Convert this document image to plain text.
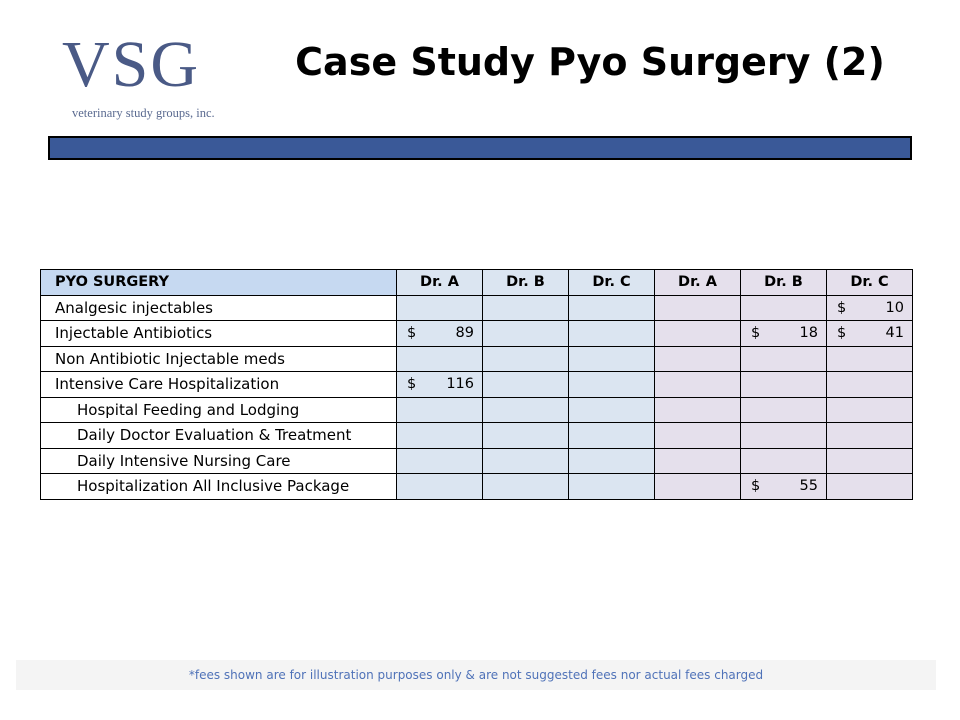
VSG
veterinary study groups, inc.
Case Study Pyo Surgery (2)
PYO SURGERY	Dr. A	Dr. B	Dr. C	Dr. A	Dr. B	Dr. C
Analgesic injectables						$ 10

Injectable Antibiotics	$ 89				$ 18	$ 41

Non Antibiotic Injectable meds						
Intensive Care Hospitalization	$ 116					

Hospital Feeding and Lodging						
Daily Doctor Evaluation & Treatment						
Daily Intensive Nursing Care						
Hospitalization All Inclusive Package					$ 55	

*fees shown are for illustration purposes only & are not suggested fees nor actual fees charged
